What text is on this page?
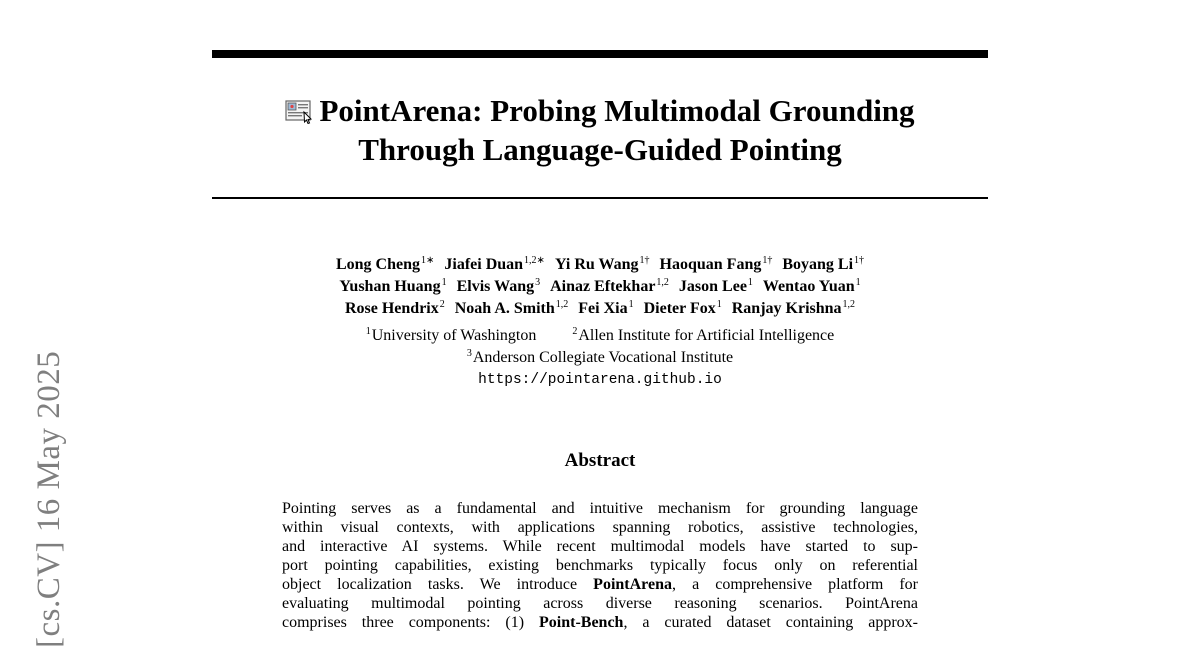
PointArena: Probing Multimodal Grounding
Through Language-Guided Pointing
Long Cheng$^{1∗}$ Jiafei Duan$^{1,2∗}$ Yi Ru Wang$^{1\dagger}$ Haoquan Fang$^{1\dagger}$ Boyang $Li^{1\dagger}$
Yushan Huang$^1$ Elvis Wang$^3$ Ainaz Eftekhar$^{1,2}$ Jason Lee$^1$ Wentao Yuan$^1$
Rose Hendrix$^2$ Noah A. Smith$^{1,2}$ Fei Xia$^1$ Dieter Fox$^1$ Ranjay Krishna$^{1,2}$
$^1$University of Washington	$^2$Allen Institute for Artificial Intelligence
$^3$Anderson Collegiate Vocational Institute
https://pointarena.github.io
Abstract
Pointing serves as a fundamental and intuitive mechanism for grounding language
within visual contexts, with applications spanning robotics, assistive technologies,
and interactive AI systems. While recent multimodal models have started to sup-
port pointing capabilities, existing benchmarks typically focus only on referential
object localization tasks. We introduce PointArena, a comprehensive platform for
evaluating multimodal pointing across diverse reasoning scenarios. PointArena
comprises three components: (1) Point-Bench, a curated dataset containing approx-
[cs.CV] 16 May 2025
